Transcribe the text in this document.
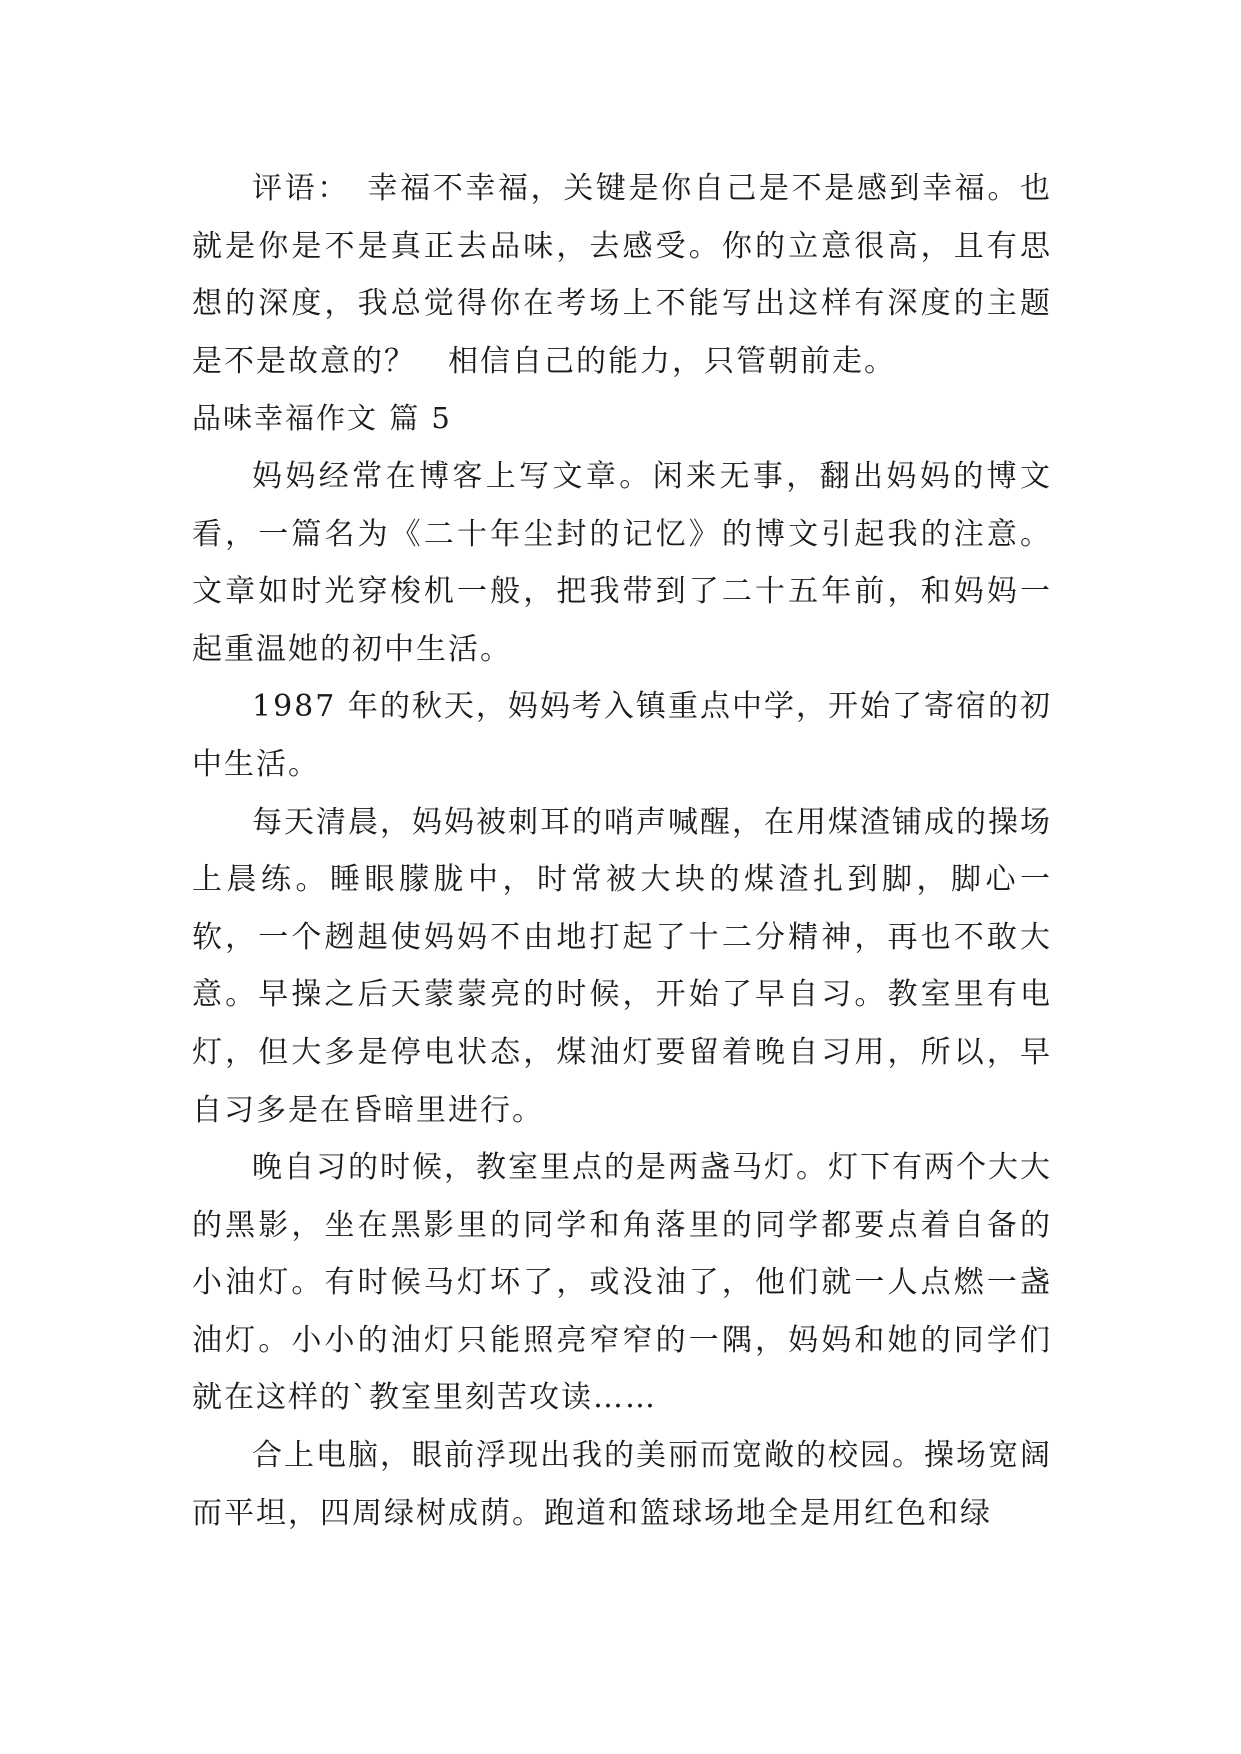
评语：　幸福不幸福，关键是你自己是不是感到幸福。也就是你是不是真正去品味，去感受。你的立意很高，且有思想的深度，我总觉得你在考场上不能写出这样有深度的主题是不是故意的？　相信自己的能力，只管朝前走。

品味幸福作文 篇 5

妈妈经常在博客上写文章。闲来无事，翻出妈妈的博文看，一篇名为《二十年尘封的记忆》的博文引起我的注意。文章如时光穿梭机一般，把我带到了二十五年前，和妈妈一起重温她的初中生活。

1987 年的秋天，妈妈考入镇重点中学，开始了寄宿的初中生活。

每天清晨，妈妈被刺耳的哨声喊醒，在用煤渣铺成的操场上晨练。睡眼朦胧中，时常被大块的煤渣扎到脚，脚心一软，一个趔趄使妈妈不由地打起了十二分精神，再也不敢大意。早操之后天蒙蒙亮的时候，开始了早自习。教室里有电灯，但大多是停电状态，煤油灯要留着晚自习用，所以，早自习多是在昏暗里进行。

晚自习的时候，教室里点的是两盏马灯。灯下有两个大大的黑影，坐在黑影里的同学和角落里的同学都要点着自备的小油灯。有时候马灯坏了，或没油了，他们就一人点燃一盏油灯。小小的油灯只能照亮窄窄的一隅，妈妈和她的同学们就在这样的`教室里刻苦攻读……

合上电脑，眼前浮现出我的美丽而宽敞的校园。操场宽阔而平坦，四周绿树成荫。跑道和篮球场地全是用红色和绿
